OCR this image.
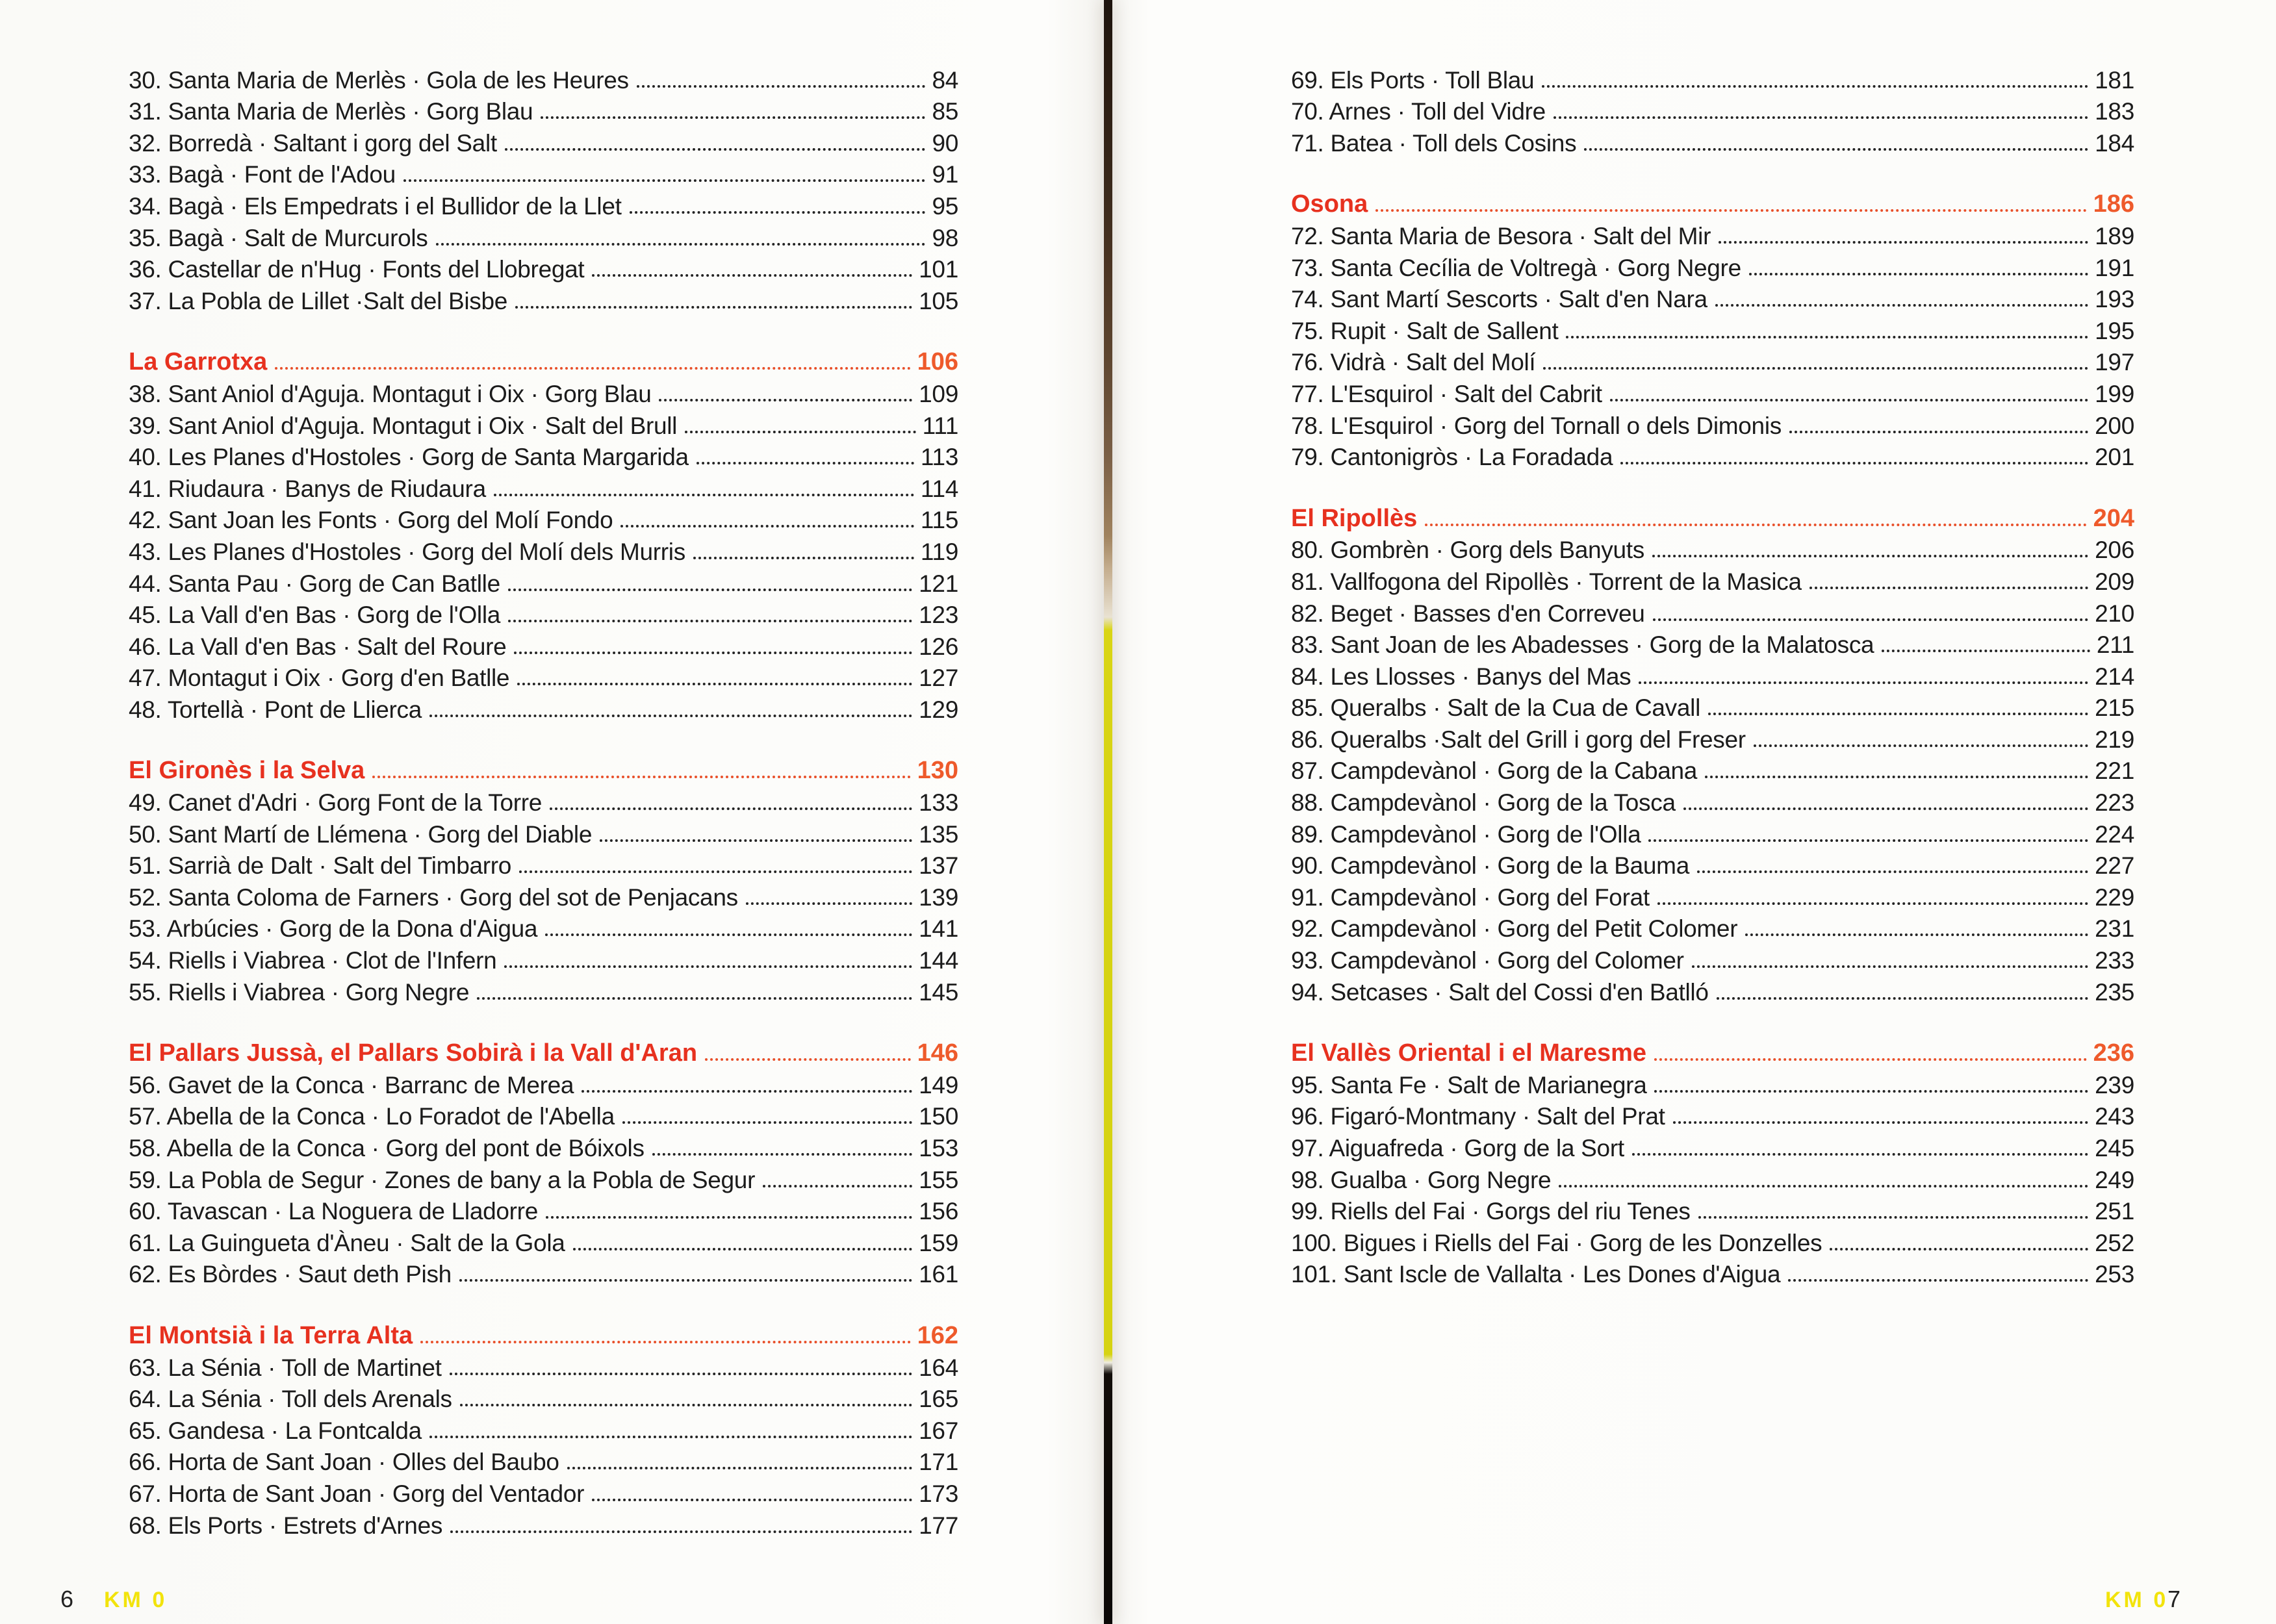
30. Santa Maria de Merlès · Gola de les Heures	84
31. Santa Maria de Merlès · Gorg Blau	85
32. Borredà · Saltant i gorg del Salt	90
33. Bagà · Font de l'Adou	91
34. Bagà · Els Empedrats i el Bullidor de la Llet	95
35. Bagà · Salt de Murcurols	98
36. Castellar de n'Hug · Fonts del Llobregat	101
37. La Pobla de Lillet ·Salt del Bisbe	105
La Garrotxa	106
38. Sant Aniol d'Aguja. Montagut i Oix · Gorg Blau	109
39. Sant Aniol d'Aguja. Montagut i Oix · Salt del Brull	111
40. Les Planes d'Hostoles · Gorg de Santa Margarida	113
41. Riudaura · Banys de Riudaura	114
42. Sant Joan les Fonts · Gorg del Molí Fondo	115
43. Les Planes d'Hostoles · Gorg del Molí dels Murris	119
44. Santa Pau · Gorg de Can Batlle	121
45. La Vall d'en Bas · Gorg de l'Olla	123
46. La Vall d'en Bas · Salt del Roure	126
47. Montagut i Oix · Gorg d'en Batlle	127
48. Tortellà · Pont de Llierca	129
El Gironès i la Selva	130
49. Canet d'Adri · Gorg Font de la Torre	133
50. Sant Martí de Llémena · Gorg del Diable	135
51. Sarrià de Dalt · Salt del Timbarro	137
52. Santa Coloma de Farners · Gorg del sot de Penjacans	139
53. Arbúcies · Gorg de la Dona d'Aigua	141
54. Riells i Viabrea · Clot de l'Infern	144
55. Riells i Viabrea · Gorg Negre	145
El Pallars Jussà, el Pallars Sobirà i la Vall d'Aran	146
56. Gavet de la Conca · Barranc de Merea	149
57. Abella de la Conca · Lo Foradot de l'Abella	150
58. Abella de la Conca · Gorg del pont de Bóixols	153
59. La Pobla de Segur · Zones de bany a la Pobla de Segur	155
60. Tavascan · La Noguera de Lladorre	156
61. La Guingueta d'Àneu · Salt de la Gola	159
62. Es Bòrdes · Saut deth Pish	161
El Montsià i la Terra Alta	162
63. La Sénia · Toll de Martinet	164
64. La Sénia · Toll dels Arenals	165
65. Gandesa · La Fontcalda	167
66. Horta de Sant Joan · Olles del Baubo	171
67. Horta de Sant Joan · Gorg del Ventador	173
68. Els Ports · Estrets d'Arnes	177
69. Els Ports · Toll Blau	181
70. Arnes · Toll del Vidre	183
71. Batea · Toll dels Cosins	184
Osona	186
72. Santa Maria de Besora · Salt del Mir	189
73. Santa Cecília de Voltregà · Gorg Negre	191
74. Sant Martí Sescorts · Salt d'en Nara	193
75. Rupit · Salt de Sallent	195
76. Vidrà · Salt del Molí	197
77. L'Esquirol · Salt del Cabrit	199
78. L'Esquirol · Gorg del Tornall o dels Dimonis	200
79. Cantonigròs · La Foradada	201
El Ripollès	204
80. Gombrèn · Gorg dels Banyuts	206
81. Vallfogona del Ripollès · Torrent de la Masica	209
82. Beget · Basses d'en Correveu	210
83. Sant Joan de les Abadesses · Gorg de la Malatosca	211
84. Les Llosses · Banys del Mas	214
85. Queralbs · Salt de la Cua de Cavall	215
86. Queralbs ·Salt del Grill i gorg del Freser	219
87. Campdevànol · Gorg de la Cabana	221
88. Campdevànol · Gorg de la Tosca	223
89. Campdevànol · Gorg de l'Olla	224
90. Campdevànol · Gorg de la Bauma	227
91. Campdevànol · Gorg del Forat	229
92. Campdevànol · Gorg del Petit Colomer	231
93. Campdevànol · Gorg del Colomer	233
94. Setcases · Salt del Cossi d'en Batlló	235
El Vallès Oriental i el Maresme	236
95. Santa Fe · Salt de Marianegra	239
96. Figaró-Montmany · Salt del Prat	243
97. Aiguafreda · Gorg de la Sort	245
98. Gualba · Gorg Negre	249
99. Riells del Fai · Gorgs del riu Tenes	251
100. Bigues i Riells del Fai · Gorg de les Donzelles	252
101. Sant Iscle de Vallalta · Les Dones d'Aigua	253
6 KM 0	KM 0
7
